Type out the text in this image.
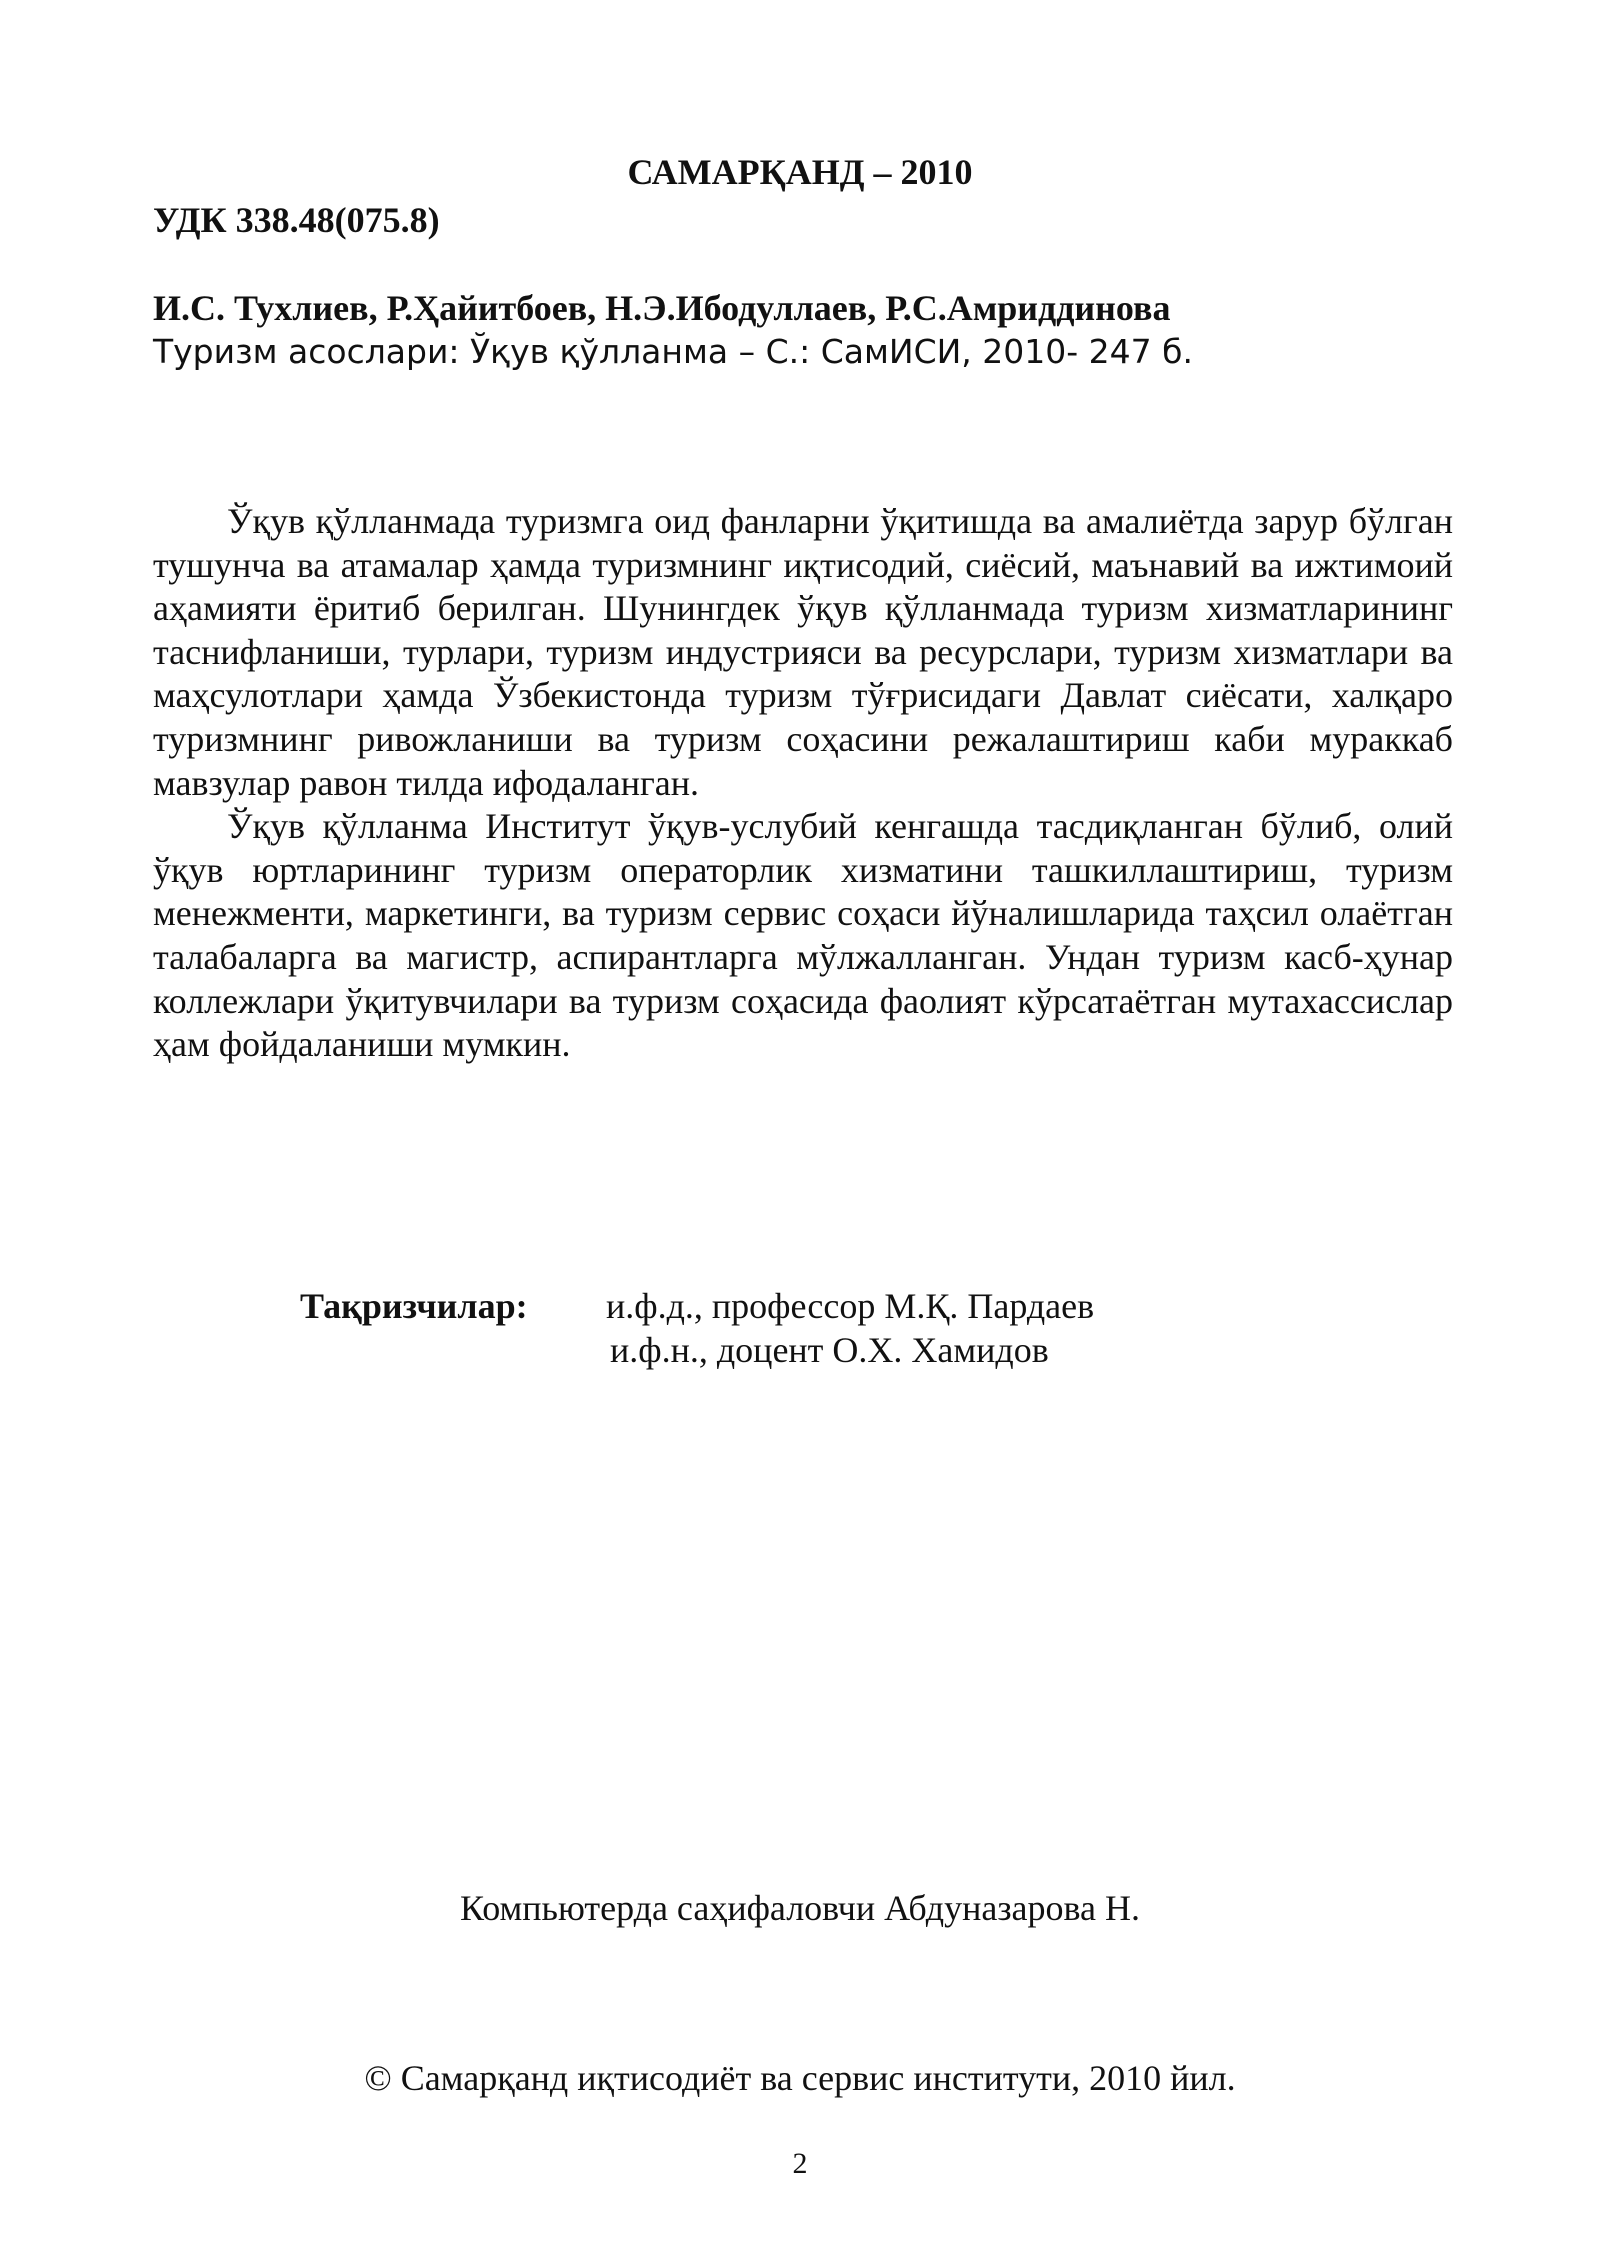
САМАРҚАНД – 2010
УДК 338.48(075.8)
И.С. Тухлиев, Р.Ҳайитбоев, Н.Э.Ибодуллаев, Р.С.Амриддинова
Туризм асослари: Ўқув қўлланма – С.: СамИСИ, 2010- 247 б.

Ўқув қўлланмада туризмга оид фанларни ўқитишда ва амалиётда зарур бўлган тушунча ва атамалар ҳамда туризмнинг иқтисодий, сиёсий, маънавий ва ижтимоий аҳамияти ёритиб берилган. Шунингдек ўқув қўлланмада туризм хизматларининг таснифланиши, турлари, туризм индустрияси ва ресурслари, туризм хизматлари ва маҳсулотлари ҳамда Ўзбекистонда туризм тўғрисидаги Давлат сиёсати, халқаро туризмнинг ривожланиши ва туризм соҳасини режалаштириш каби мураккаб мавзулар равон тилда ифодаланган.

Ўқув қўлланма Институт ўқув-услубий кенгашда тасдиқланган бўлиб, олий ўқув юртларининг туризм операторлик хизматини ташкиллаштириш, туризм менежменти, маркетинги, ва туризм сервис соҳаси йўналишларида таҳсил олаётган талабаларга ва магистр, аспирантларга мўлжалланган. Ундан туризм касб-ҳунар коллежлари ўқитувчилари ва туризм соҳасида фаолият кўрсатаётган мутахассислар ҳам фойдаланиши мумкин.

Тақризчилар: и.ф.д., профессор М.Қ. Пардаев
и.ф.н., доцент О.Х. Хамидов
Компьютерда саҳифаловчи Абдуназарова Н.
© Самарқанд иқтисодиёт ва сервис институти, 2010 йил.
2
